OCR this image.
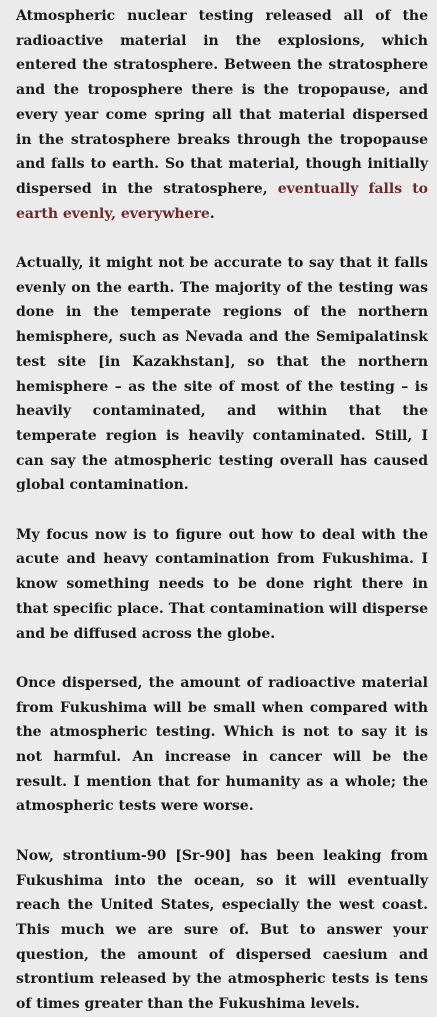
Atmospheric nuclear testing released all of the radioactive material in the explosions, which entered the stratosphere. Between the stratosphere and the troposphere there is the tropopause, and every year come spring all that material dispersed in the stratosphere breaks through the tropopause and falls to earth. So that material, though initially dispersed in the stratosphere, eventually falls to earth evenly, everywhere.

Actually, it might not be accurate to say that it falls evenly on the earth. The majority of the testing was done in the temperate regions of the northern hemisphere, such as Nevada and the Semipalatinsk test site [in Kazakhstan], so that the northern hemisphere – as the site of most of the testing – is heavily contaminated, and within that the temperate region is heavily contaminated. Still, I can say the atmospheric testing overall has caused global contamination.

My focus now is to figure out how to deal with the acute and heavy contamination from Fukushima. I know something needs to be done right there in that specific place. That contamination will disperse and be diffused across the globe.

Once dispersed, the amount of radioactive material from Fukushima will be small when compared with the atmospheric testing. Which is not to say it is not harmful. An increase in cancer will be the result. I mention that for humanity as a whole; the atmospheric tests were worse.

Now, strontium-90 [Sr-90] has been leaking from Fukushima into the ocean, so it will eventually reach the United States, especially the west coast. This much we are sure of. But to answer your question, the amount of dispersed caesium and strontium released by the atmospheric tests is tens of times greater than the Fukushima levels.
